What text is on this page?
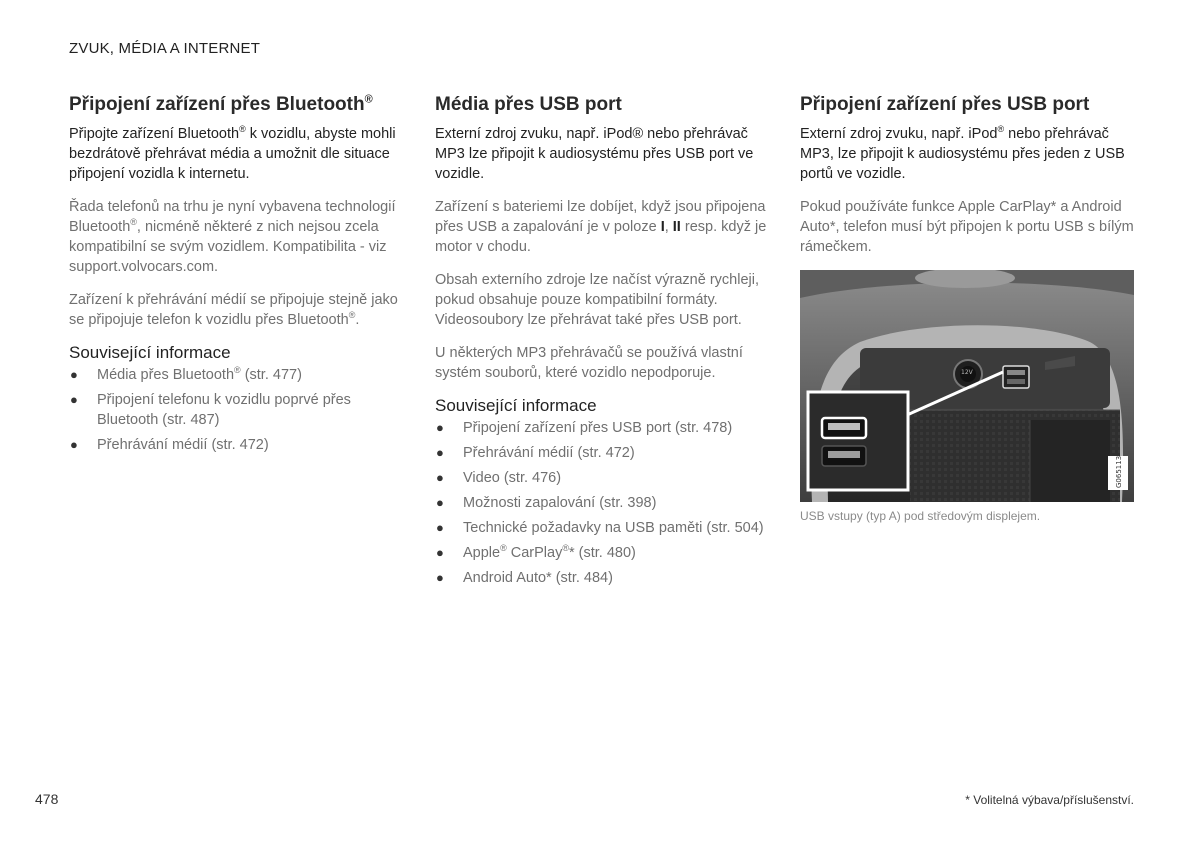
ZVUK, MÉDIA A INTERNET
Připojení zařízení přes Bluetooth®

Připojte zařízení Bluetooth® k vozidlu, abyste mohli bezdrátově přehrávat média a umožnit dle situace připojení vozidla k internetu.

Řada telefonů na trhu je nyní vybavena technologií Bluetooth®, nicméně některé z nich nejsou zcela kompatibilní se svým vozidlem. Kompatibilita - viz support.volvocars.com.

Zařízení k přehrávání médií se připojuje stejně jako se připojuje telefon k vozidlu přes Bluetooth®.

Související informace
● Média přes Bluetooth® (str. 477)
● Připojení telefonu k vozidlu poprvé přes Bluetooth (str. 487)
● Přehrávání médií (str. 472)
Média přes USB port

Externí zdroj zvuku, např. iPod® nebo přehrávač MP3 lze připojit k audiosystému přes USB port ve vozidle.

Zařízení s bateriemi lze dobíjet, když jsou připojena přes USB a zapalování je v poloze I, II resp. když je motor v chodu.

Obsah externího zdroje lze načíst výrazně rychleji, pokud obsahuje pouze kompatibilní formáty. Videosoubory lze přehrávat také přes USB port.

U některých MP3 přehrávačů se používá vlastní systém souborů, které vozidlo nepodporuje.

Související informace
● Připojení zařízení přes USB port (str. 478)
● Přehrávání médií (str. 472)
● Video (str. 476)
● Možnosti zapalování (str. 398)
● Technické požadavky na USB paměti (str. 504)
● Apple® CarPlay®* (str. 480)
● Android Auto* (str. 484)
Připojení zařízení přes USB port

Externí zdroj zvuku, např. iPod® nebo přehrávač MP3, lze připojit k audiosystému přes jeden z USB portů ve vozidle.

Pokud používáte funkce Apple CarPlay* a Android Auto*, telefon musí být připojen k portu USB s bílým rámečkem.

12V
G065113
USB vstupy (typ A) pod středovým displejem.
478	* Volitelná výbava/příslušenství.
